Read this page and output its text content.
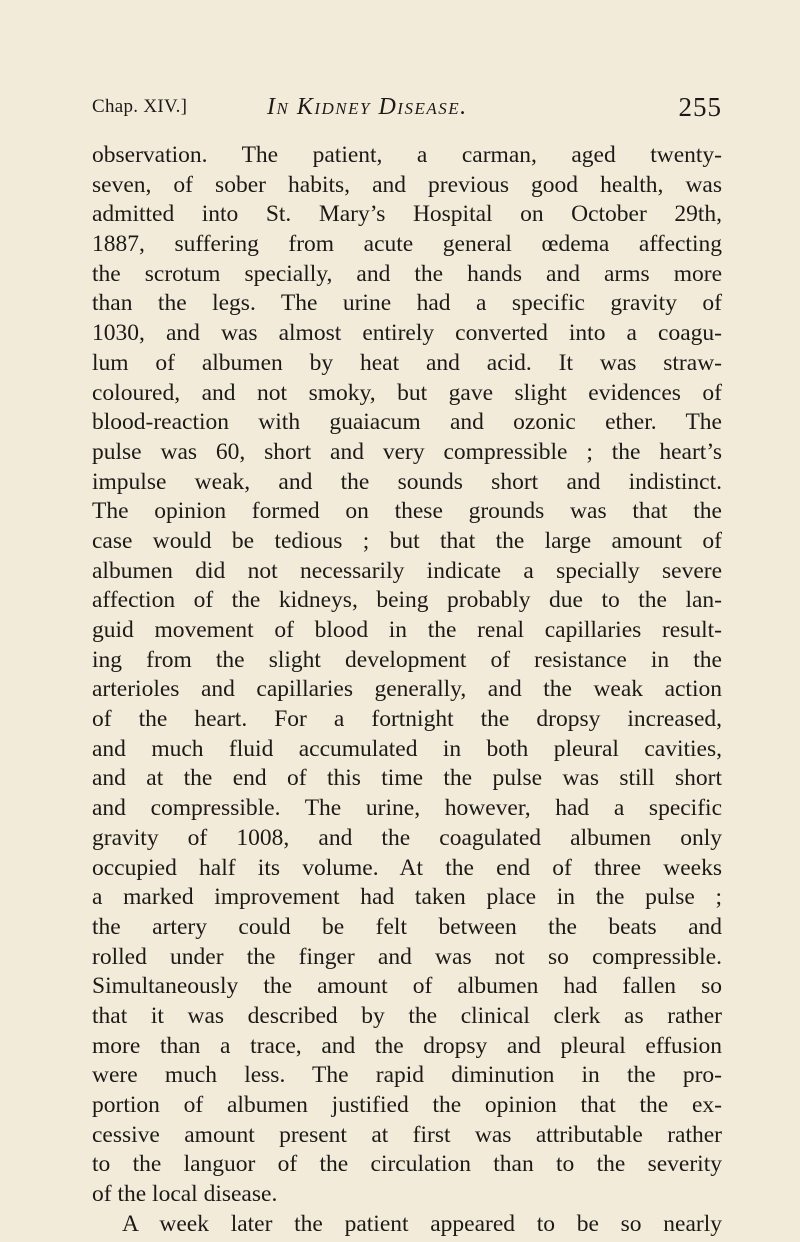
Chap. XIV.]	In Kidney Disease.	255
observation. The patient, a carman, aged twenty-
seven, of sober habits, and previous good health, was
admitted into St. Mary’s Hospital on October 29th,
1887, suffering from acute general œdema affecting
the scrotum specially, and the hands and arms more
than the legs. The urine had a specific gravity of
1030, and was almost entirely converted into a coagu-
lum of albumen by heat and acid. It was straw-
coloured, and not smoky, but gave slight evidences of
blood-reaction with guaiacum and ozonic ether. The
pulse was 60, short and very compressible ; the heart’s
impulse weak, and the sounds short and indistinct.
The opinion formed on these grounds was that the
case would be tedious ; but that the large amount of
albumen did not necessarily indicate a specially severe
affection of the kidneys, being probably due to the lan-
guid movement of blood in the renal capillaries result-
ing from the slight development of resistance in the
arterioles and capillaries generally, and the weak action
of the heart. For a fortnight the dropsy increased,
and much fluid accumulated in both pleural cavities,
and at the end of this time the pulse was still short
and compressible. The urine, however, had a specific
gravity of 1008, and the coagulated albumen only
occupied half its volume. At the end of three weeks
a marked improvement had taken place in the pulse ;
the artery could be felt between the beats and
rolled under the finger and was not so compressible.
Simultaneously the amount of albumen had fallen so
that it was described by the clinical clerk as rather
more than a trace, and the dropsy and pleural effusion
were much less. The rapid diminution in the pro-
portion of albumen justified the opinion that the ex-
cessive amount present at first was attributable rather
to the languor of the circulation than to the severity
of the local disease.
A week later the patient appeared to be so nearly
